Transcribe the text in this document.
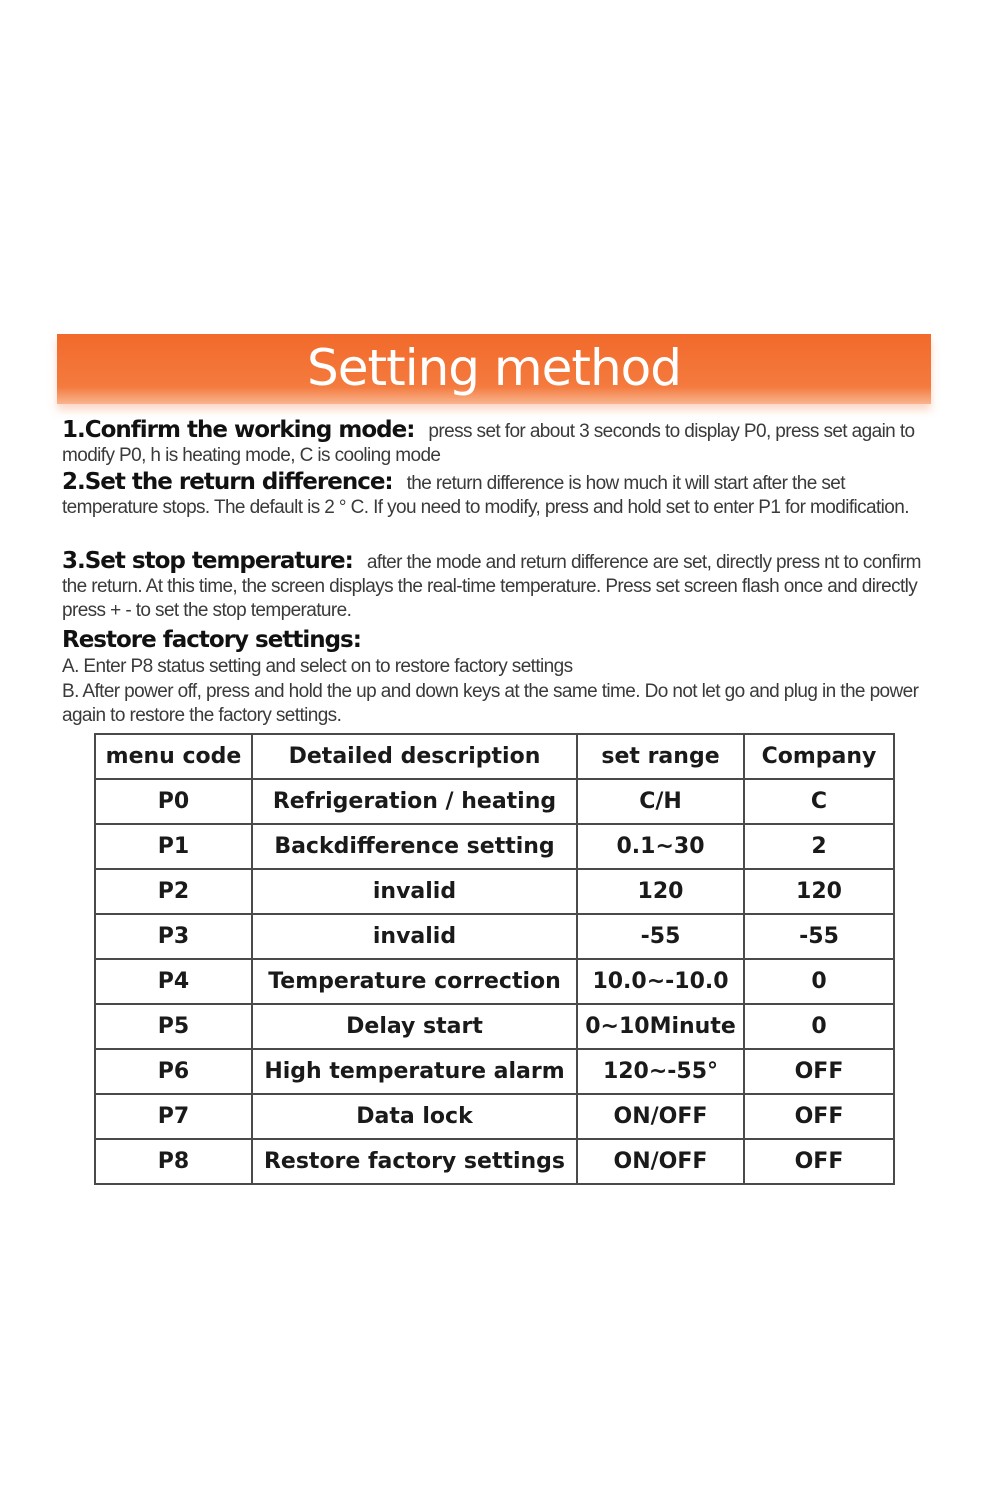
Setting method
1.Confirm the working mode: press set for about 3 seconds to display P0, press set again to modify P0, h is heating mode, C is cooling mode
2.Set the return difference: the return difference is how much it will start after the set temperature stops. The default is 2 ° C. If you need to modify, press and hold set to enter P1 for modification.
3.Set stop temperature: after the mode and return difference are set, directly press nt to confirm the return. At this time, the screen displays the real-time temperature. Press set screen flash once and directly press + - to set the stop temperature.
Restore factory settings:
A. Enter P8 status setting and select on to restore factory settings
B. After power off, press and hold the up and down keys at the same time. Do not let go and plug in the power again to restore the factory settings.
menu code	Detailed description	set range	Company
P0	Refrigeration / heating	C/H	C
P1	Backdifference setting	0.1~30	2
P2	invalid	120	120
P3	invalid	-55	-55
P4	Temperature correction	10.0~-10.0	0
P5	Delay start	0~10Minute	0
P6	High temperature alarm	120~-55°	OFF
P7	Data lock	ON/OFF	OFF
P8	Restore factory settings	ON/OFF	OFF
